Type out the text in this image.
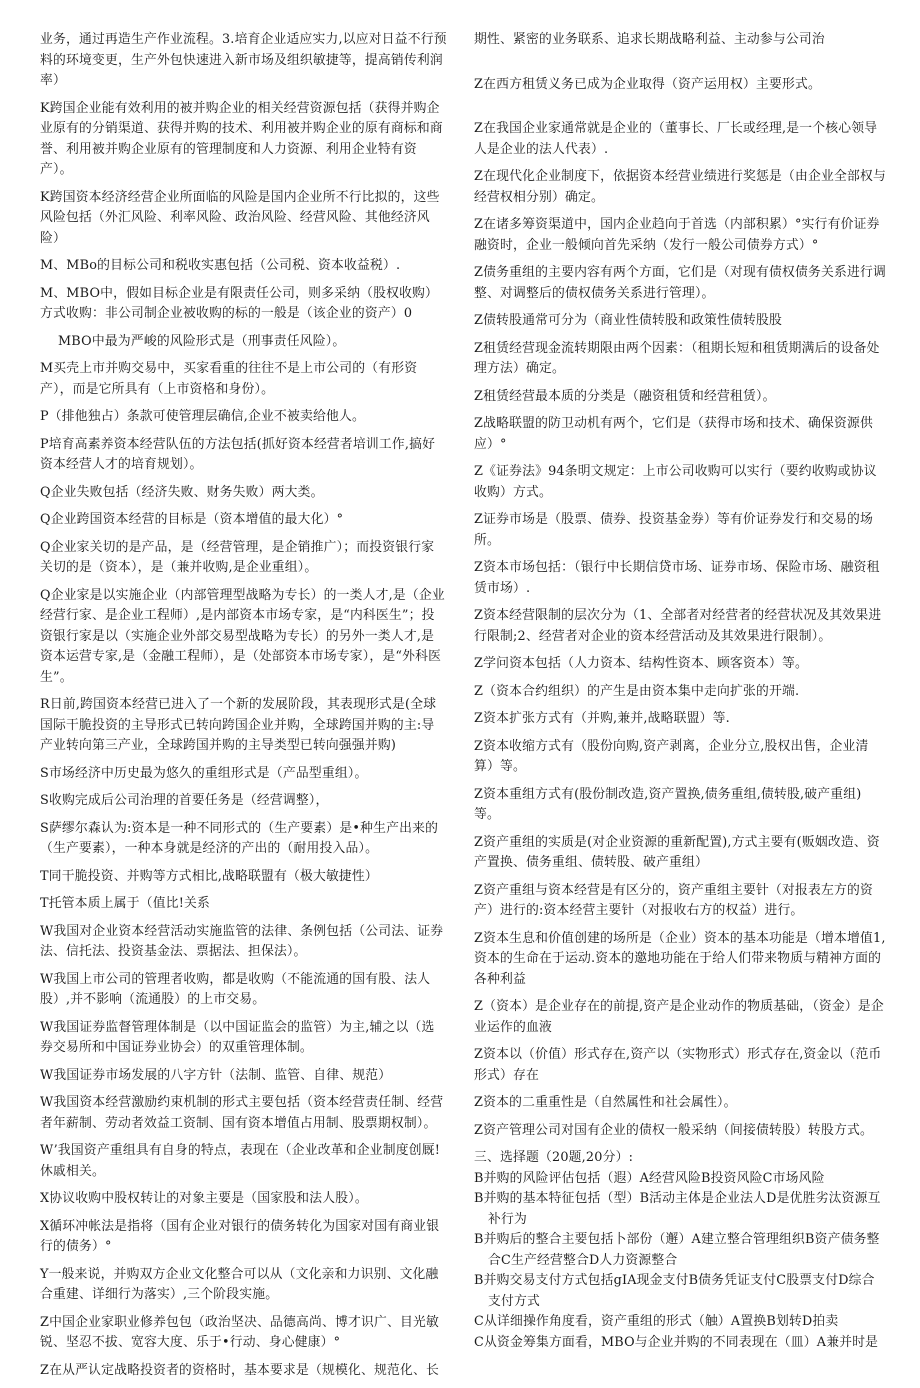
业务，通过再造生产作业流程。3.培育企业适应实力,以应对日益不行预料的环境变更，生产外包快速进入新市场及组织敏捷等，提高销传利润率）

K跨国企业能有效利用的被并购企业的相关经营资源包括（获得并购企业原有的分销渠道、获得并购的技术、利用被并购企业的原有商标和商誉、利用被并购企业原有的管理制度和人力资源、利用企业特有资产）。

K跨国资本经济经营企业所面临的风险是国内企业所不行比拟的，这些风险包括（外汇风险、利率风险、政治风险、经营风险、其他经济风险）

M、MBo的目标公司和税收实惠包括（公司税、资本收益税）.

M、MBO中，假如目标企业是有限责任公司，则多采纳（股权收购）方式收购：非公司制企业被收购的标的一般是（该企业的资产）0

MBO中最为严峻的风险形式是（刑事责任风险）。

M买壳上市并购交易中，买家看重的往往不是上市公司的（有形资产），而是它所具有（上市资格和身份）。

P（排他独占）条款可使管理层确信,企业不被卖给他人。

P培育高素养资本经营队伍的方法包括(抓好资本经营者培训工作,搞好资本经营人才的培育规划）。

Q企业失败包括（经济失败、财务失败）两大类。

Q企业跨国资本经营的目标是（资本增值的最大化）°

Q企业家关切的是产品，是（经营管理，是企销推广）；而投资银行家关切的是（资本），是（兼并收购,是企业重组）。

Q企业家是以实施企业（内部管理型战略为专长）的一类人才,是（企业经营行家、是企业工程师）,是内部资本市场专家，是“内科医生”；投资银行家是以（实施企业外部交易型战略为专长）的另外一类人才,是资本运营专家,是（金融工程师），是（处部资本市场专家），是“外科医生”。

R日前,跨国资本经营已进入了一个新的发展阶段，其表现形式是(全球国际干脆投资的主导形式已转向跨国企业并购，全球跨国并购的主:导产业转向第三产业，全球跨国并购的主导类型已转向强强并购)

S市场经济中历史最为悠久的重组形式是（产品型重组）。

S收购完成后公司治理的首要任务是（经营调整），

S萨缪尔森认为:资本是一种不同形式的（生产要素）是•种生产出来的（生产要素），一种本身就是经济的产出的（耐用投入品）。

T同干脆投资、并购等方式相比,战略联盟有（极大敏捷性）

T托管本质上属于（值比!关系

W我国对企业资本经营活动实施监管的法律、条例包括（公司法、证券法、信托法、投资基金法、票据法、担保法）。

W我国上市公司的管理者收购，都是收购（不能流通的国有股、法人股）,并不影响（流通股）的上市交易。

W我国证券监督管理体制是（以中国证监会的监管）为主,辅之以（选券交易所和中国证券业协会）的双重管理体制。

W我国证券市场发展的八字方针（法制、监管、自律、规范）

W我国资本经营激励约束机制的形式主要包括（资本经营责任制、经营者年薪制、劳动者效益工资制、国有资本增值占用制、股票期权制）。

W’我国资产重组具有自身的特点，表现在（企业改革和企业制度创厩!休戚相关。

X协议收购中股权转让的对象主要是（国家股和法人股）。

X循环冲帐法是指将（国有企业对银行的债务转化为国家对国有商业银行的债务）°

Y一般来说，并购双方企业文化整合可以从（文化亲和力识别、文化融合重建、详细行为落实）,三个阶段实施。

Z中国企业家职业修养包包（政治坚决、品德高尚、博才识广、目光敏锐、坚忍不拔、宽容大度、乐于•行动、身心健康）°

Z在从严认定战略投资者的资格时，基本要求是（规模化、规范化、长

期性、紧密的业务联系、追求长期战略利益、主动参与公司治

Z在西方租赁义务已成为企业取得（资产运用权）主要形式。

Z在我国企业家通常就是企业的（董事长、厂长或经理,是一个核心领导人是企业的法人代表）.

Z在现代化企业制度下，依据资本经营业绩进行奖惩是（由企业全部权与经营权相分别）确定。

Z在诸多筹资渠道中，国内企业趋向于首选（内部积累）°实行有价证券融资时，企业一般倾向首先采纳（发行一般公司债券方式）°

Z债务重组的主要内容有两个方面，它们是（对现有债权债务关系进行调整、对调整后的债权债务关系进行管理）。

Z债转股通常可分为（商业性债转股和政策性债转股股

Z租赁经营现金流转期限由两个因素：（租期长短和租赁期满后的设备处理方法）确定。

Z租赁经营最本质的分类是（融资租赁和经营租赁）。

Z战略联盟的防卫动机有两个，它们是（获得市场和技术、确保资源供应）°

Z《证券法》94条明文规定：上市公司收购可以实行（要约收购或协议收购）方式。

Z证券市场是（股票、债券、投资基金券）等有价证券发行和交易的场所。

Z资本市场包括：（银行中长期信贷市场、证券市场、保险市场、融资租赁市场）.

Z资本经营限制的层次分为（1、全部者对经营者的经营状况及其效果进行限制;2、经营者对企业的资本经营活动及其效果进行限制）。

Z学问资本包括（人力资本、结构性资本、顾客资本）等。

Z（资本合约组织）的产生是由资本集中走向扩张的开端.

Z资本扩张方式有（并购,兼并,战略联盟）等.

Z资本收缩方式有（股份向购,资产剥离，企业分立,股权出售，企业清算）等。

Z资本重组方式有(股份制改造,资产置换,债务重组,债转股,破产重组)等。

Z资产重组的实质是(对企业资源的重新配置),方式主要有(贩姻改造、资产置换、债务重组、债转股、破产重组）

Z资产重组与资本经营是有区分的，资产重组主要针（对报表左方的资产）进行的:资本经营主要针（对报收右方的权益）进行。

Z资本生息和价值创建的场所是（企业）资本的基本功能是（增本增值1,资本的生命在于运动.资本的邀地功能在于给人们带来物质与精神方面的各种利益

Z（资本）是企业存在的前提,资产是企业动作的物质基础，（资金）是企业运作的血液

Z资本以（价值）形式存在,资产以（实物形式）形式存在,资金以（范币形式）存在

Z资本的二重重性是（自然属性和社会属性）。

Z资产管理公司对国有企业的债权一般采纳（间接债转股）转股方式。

三、选择题（20题,20分）:

B并购的风险评估包括（遐）A经营风险B投资风险C市场风险

B并购的基本特征包括（型）B活动主体是企业法人D是优胜劣汰资源互补行为

B并购后的整合主要包括卜部份（邂）A建立整合管理组织B资产债务整合C生产经营整合D人力资源整合

B并购交易支付方式包括gIA现金支付B债务凭证支付C股票支付D综合支付方式

C从详细操作角度看，资产重组的形式（触）A置换B划转D拍卖

C从资金筹集方面看，MBO与企业并购的不同表现在（皿）A兼并时是
